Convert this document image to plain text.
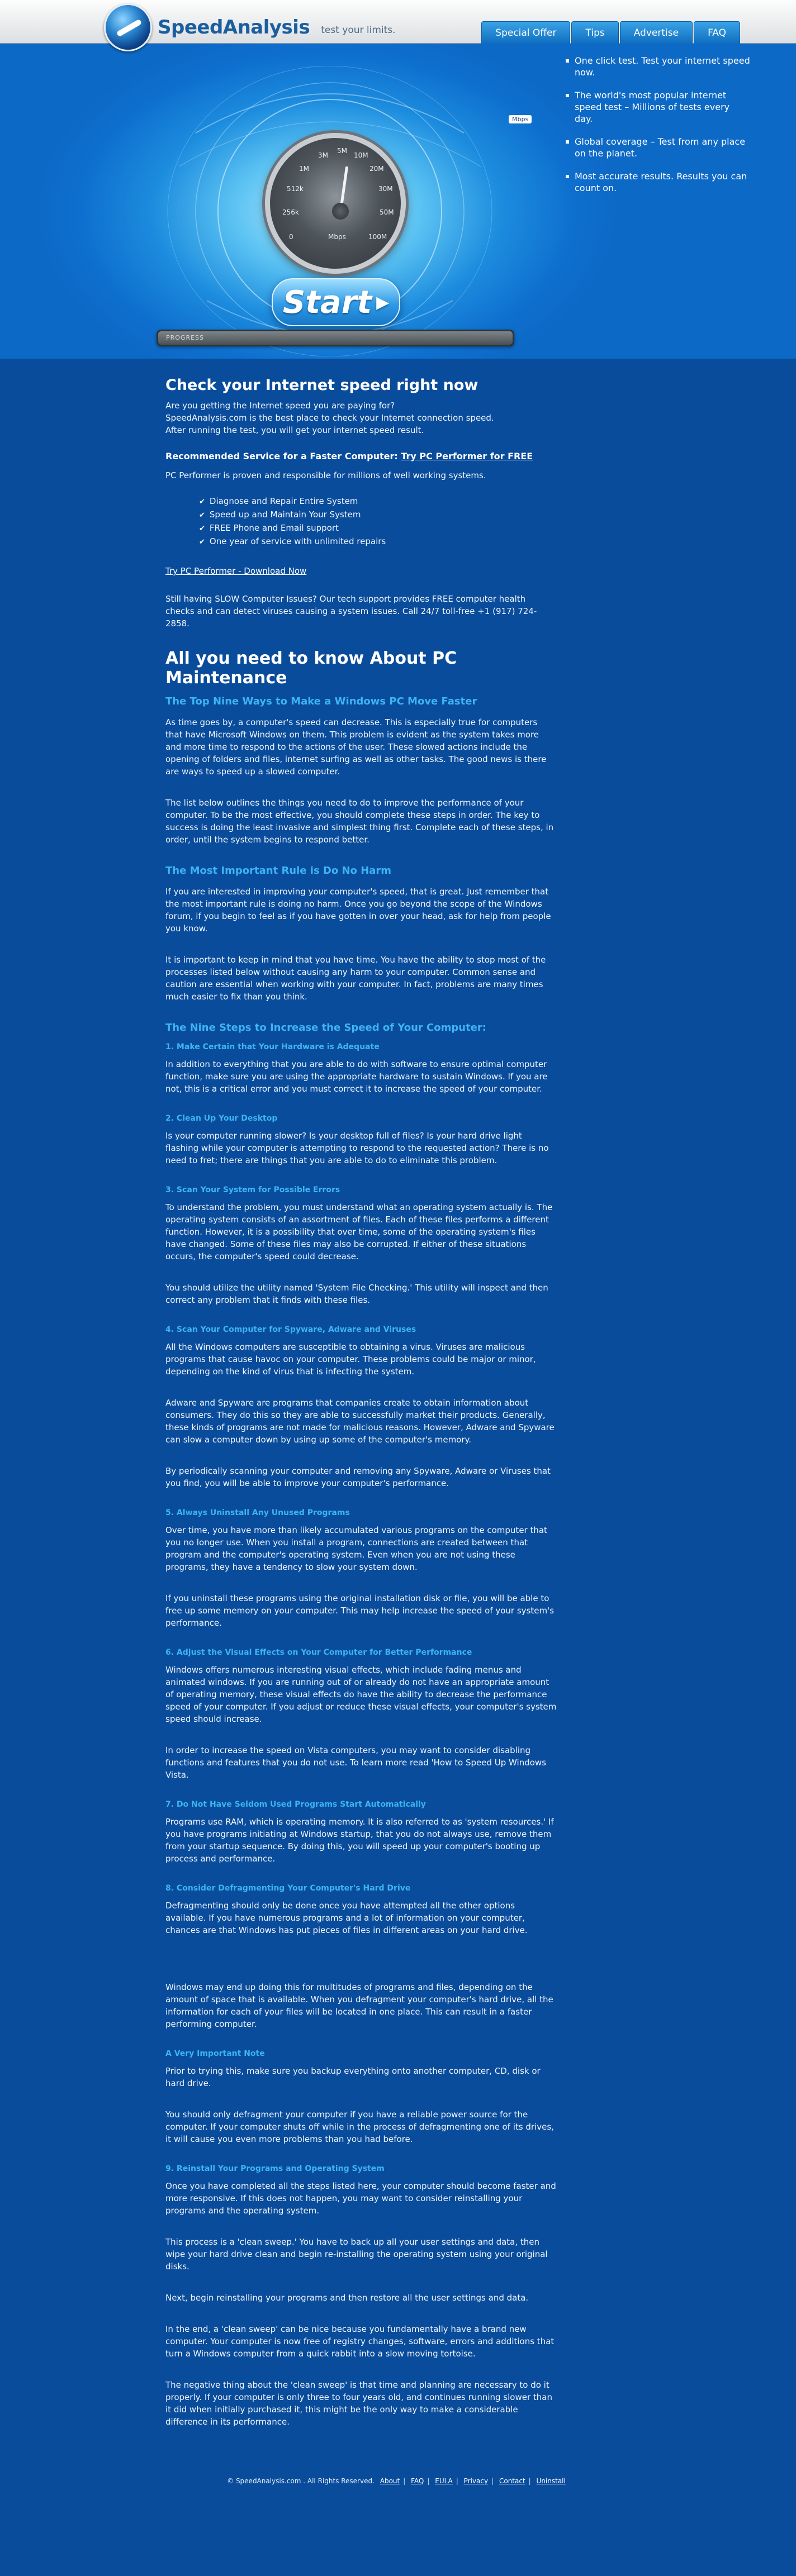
SpeedAnalysis test your limits.	Special Offer	Tips	Advertise	FAQ
0
256k
512k
1M
3M
5M
10M
20M
30M
50M
100M
Mbps
Start ▶
Mbps
One click test. Test your internet speed now.
The world's most popular internet speed test – Millions of tests every day.
Global coverage – Test from any place on the planet.
Most accurate results. Results you can count on.
PROGRESS
Check your Internet speed right now

Are you getting the Internet speed you are paying for?

SpeedAnalysis.com is the best place to check your Internet connection speed.

After running the test, you will get your internet speed result.

Recommended Service for a Faster Computer: Try PC Performer for FREE

PC Performer is proven and responsible for millions of well working systems.

✔ Diagnose and Repair Entire System
✔ Speed up and Maintain Your System
✔ FREE Phone and Email support
✔ One year of service with unlimited repairs
Try PC Performer - Download Now

Still having SLOW Computer Issues? Our tech support provides FREE computer health checks and can detect viruses causing a system issues. Call 24/7 toll-free +1 (917) 724-2858.

All you need to know About PC Maintenance
The Top Nine Ways to Make a Windows PC Move Faster

As time goes by, a computer's speed can decrease. This is especially true for computers that have Microsoft Windows on them. This problem is evident as the system takes more and more time to respond to the actions of the user. These slowed actions include the opening of folders and files, internet surfing as well as other tasks. The good news is there are ways to speed up a slowed computer.

The list below outlines the things you need to do to improve the performance of your computer. To be the most effective, you should complete these steps in order. The key to success is doing the least invasive and simplest thing first. Complete each of these steps, in order, until the system begins to respond better.

The Most Important Rule is Do No Harm

If you are interested in improving your computer's speed, that is great. Just remember that the most important rule is doing no harm. Once you go beyond the scope of the Windows forum, if you begin to feel as if you have gotten in over your head, ask for help from people you know.

It is important to keep in mind that you have time. You have the ability to stop most of the processes listed below without causing any harm to your computer. Common sense and caution are essential when working with your computer. In fact, problems are many times much easier to fix than you think.

The Nine Steps to Increase the Speed of Your Computer:
1. Make Certain that Your Hardware is Adequate

In addition to everything that you are able to do with software to ensure optimal computer function, make sure you are using the appropriate hardware to sustain Windows. If you are not, this is a critical error and you must correct it to increase the speed of your computer.

2. Clean Up Your Desktop

Is your computer running slower? Is your desktop full of files? Is your hard drive light flashing while your computer is attempting to respond to the requested action? There is no need to fret; there are things that you are able to do to eliminate this problem.

3. Scan Your System for Possible Errors

To understand the problem, you must understand what an operating system actually is. The operating system consists of an assortment of files. Each of these files performs a different function. However, it is a possibility that over time, some of the operating system's files have changed. Some of these files may also be corrupted. If either of these situations occurs, the computer's speed could decrease.

You should utilize the utility named 'System File Checking.' This utility will inspect and then correct any problem that it finds with these files.

4. Scan Your Computer for Spyware, Adware and Viruses

All the Windows computers are susceptible to obtaining a virus. Viruses are malicious programs that cause havoc on your computer. These problems could be major or minor, depending on the kind of virus that is infecting the system.

Adware and Spyware are programs that companies create to obtain information about consumers. They do this so they are able to successfully market their products. Generally, these kinds of programs are not made for malicious reasons. However, Adware and Spyware can slow a computer down by using up some of the computer's memory.

By periodically scanning your computer and removing any Spyware, Adware or Viruses that you find, you will be able to improve your computer's performance.

5. Always Uninstall Any Unused Programs

Over time, you have more than likely accumulated various programs on the computer that you no longer use. When you install a program, connections are created between that program and the computer's operating system. Even when you are not using these programs, they have a tendency to slow your system down.

If you uninstall these programs using the original installation disk or file, you will be able to free up some memory on your computer. This may help increase the speed of your system's performance.

6. Adjust the Visual Effects on Your Computer for Better Performance

Windows offers numerous interesting visual effects, which include fading menus and animated windows. If you are running out of or already do not have an appropriate amount of operating memory, these visual effects do have the ability to decrease the performance speed of your computer. If you adjust or reduce these visual effects, your computer's system speed should increase.

In order to increase the speed on Vista computers, you may want to consider disabling functions and features that you do not use. To learn more read 'How to Speed Up Windows Vista.

7. Do Not Have Seldom Used Programs Start Automatically

Programs use RAM, which is operating memory. It is also referred to as 'system resources.' If you have programs initiating at Windows startup, that you do not always use, remove them from your startup sequence. By doing this, you will speed up your computer's booting up process and performance.

8. Consider Defragmenting Your Computer's Hard Drive

Defragmenting should only be done once you have attempted all the other options available. If you have numerous programs and a lot of information on your computer, chances are that Windows has put pieces of files in different areas on your hard drive.

Windows may end up doing this for multitudes of programs and files, depending on the amount of space that is available. When you defragment your computer's hard drive, all the information for each of your files will be located in one place. This can result in a faster performing computer.

A Very Important Note

Prior to trying this, make sure you backup everything onto another computer, CD, disk or hard drive.

You should only defragment your computer if you have a reliable power source for the computer. If your computer shuts off while in the process of defragmenting one of its drives, it will cause you even more problems than you had before.

9. Reinstall Your Programs and Operating System

Once you have completed all the steps listed here, your computer should become faster and more responsive. If this does not happen, you may want to consider reinstalling your programs and the operating system.

This process is a 'clean sweep.' You have to back up all your user settings and data, then wipe your hard drive clean and begin re-installing the operating system using your original disks.

Next, begin reinstalling your programs and then restore all the user settings and data.

In the end, a 'clean sweep' can be nice because you fundamentally have a brand new computer. Your computer is now free of registry changes, software, errors and additions that turn a Windows computer from a quick rabbit into a slow moving tortoise.

The negative thing about the 'clean sweep' is that time and planning are necessary to do it properly. If your computer is only three to four years old, and continues running slower than it did when initially purchased it, this might be the only way to make a considerable difference in its performance.

© SpeedAnalysis.com . All Rights Reserved. About | FAQ | EULA | Privacy | Contact | Uninstall
